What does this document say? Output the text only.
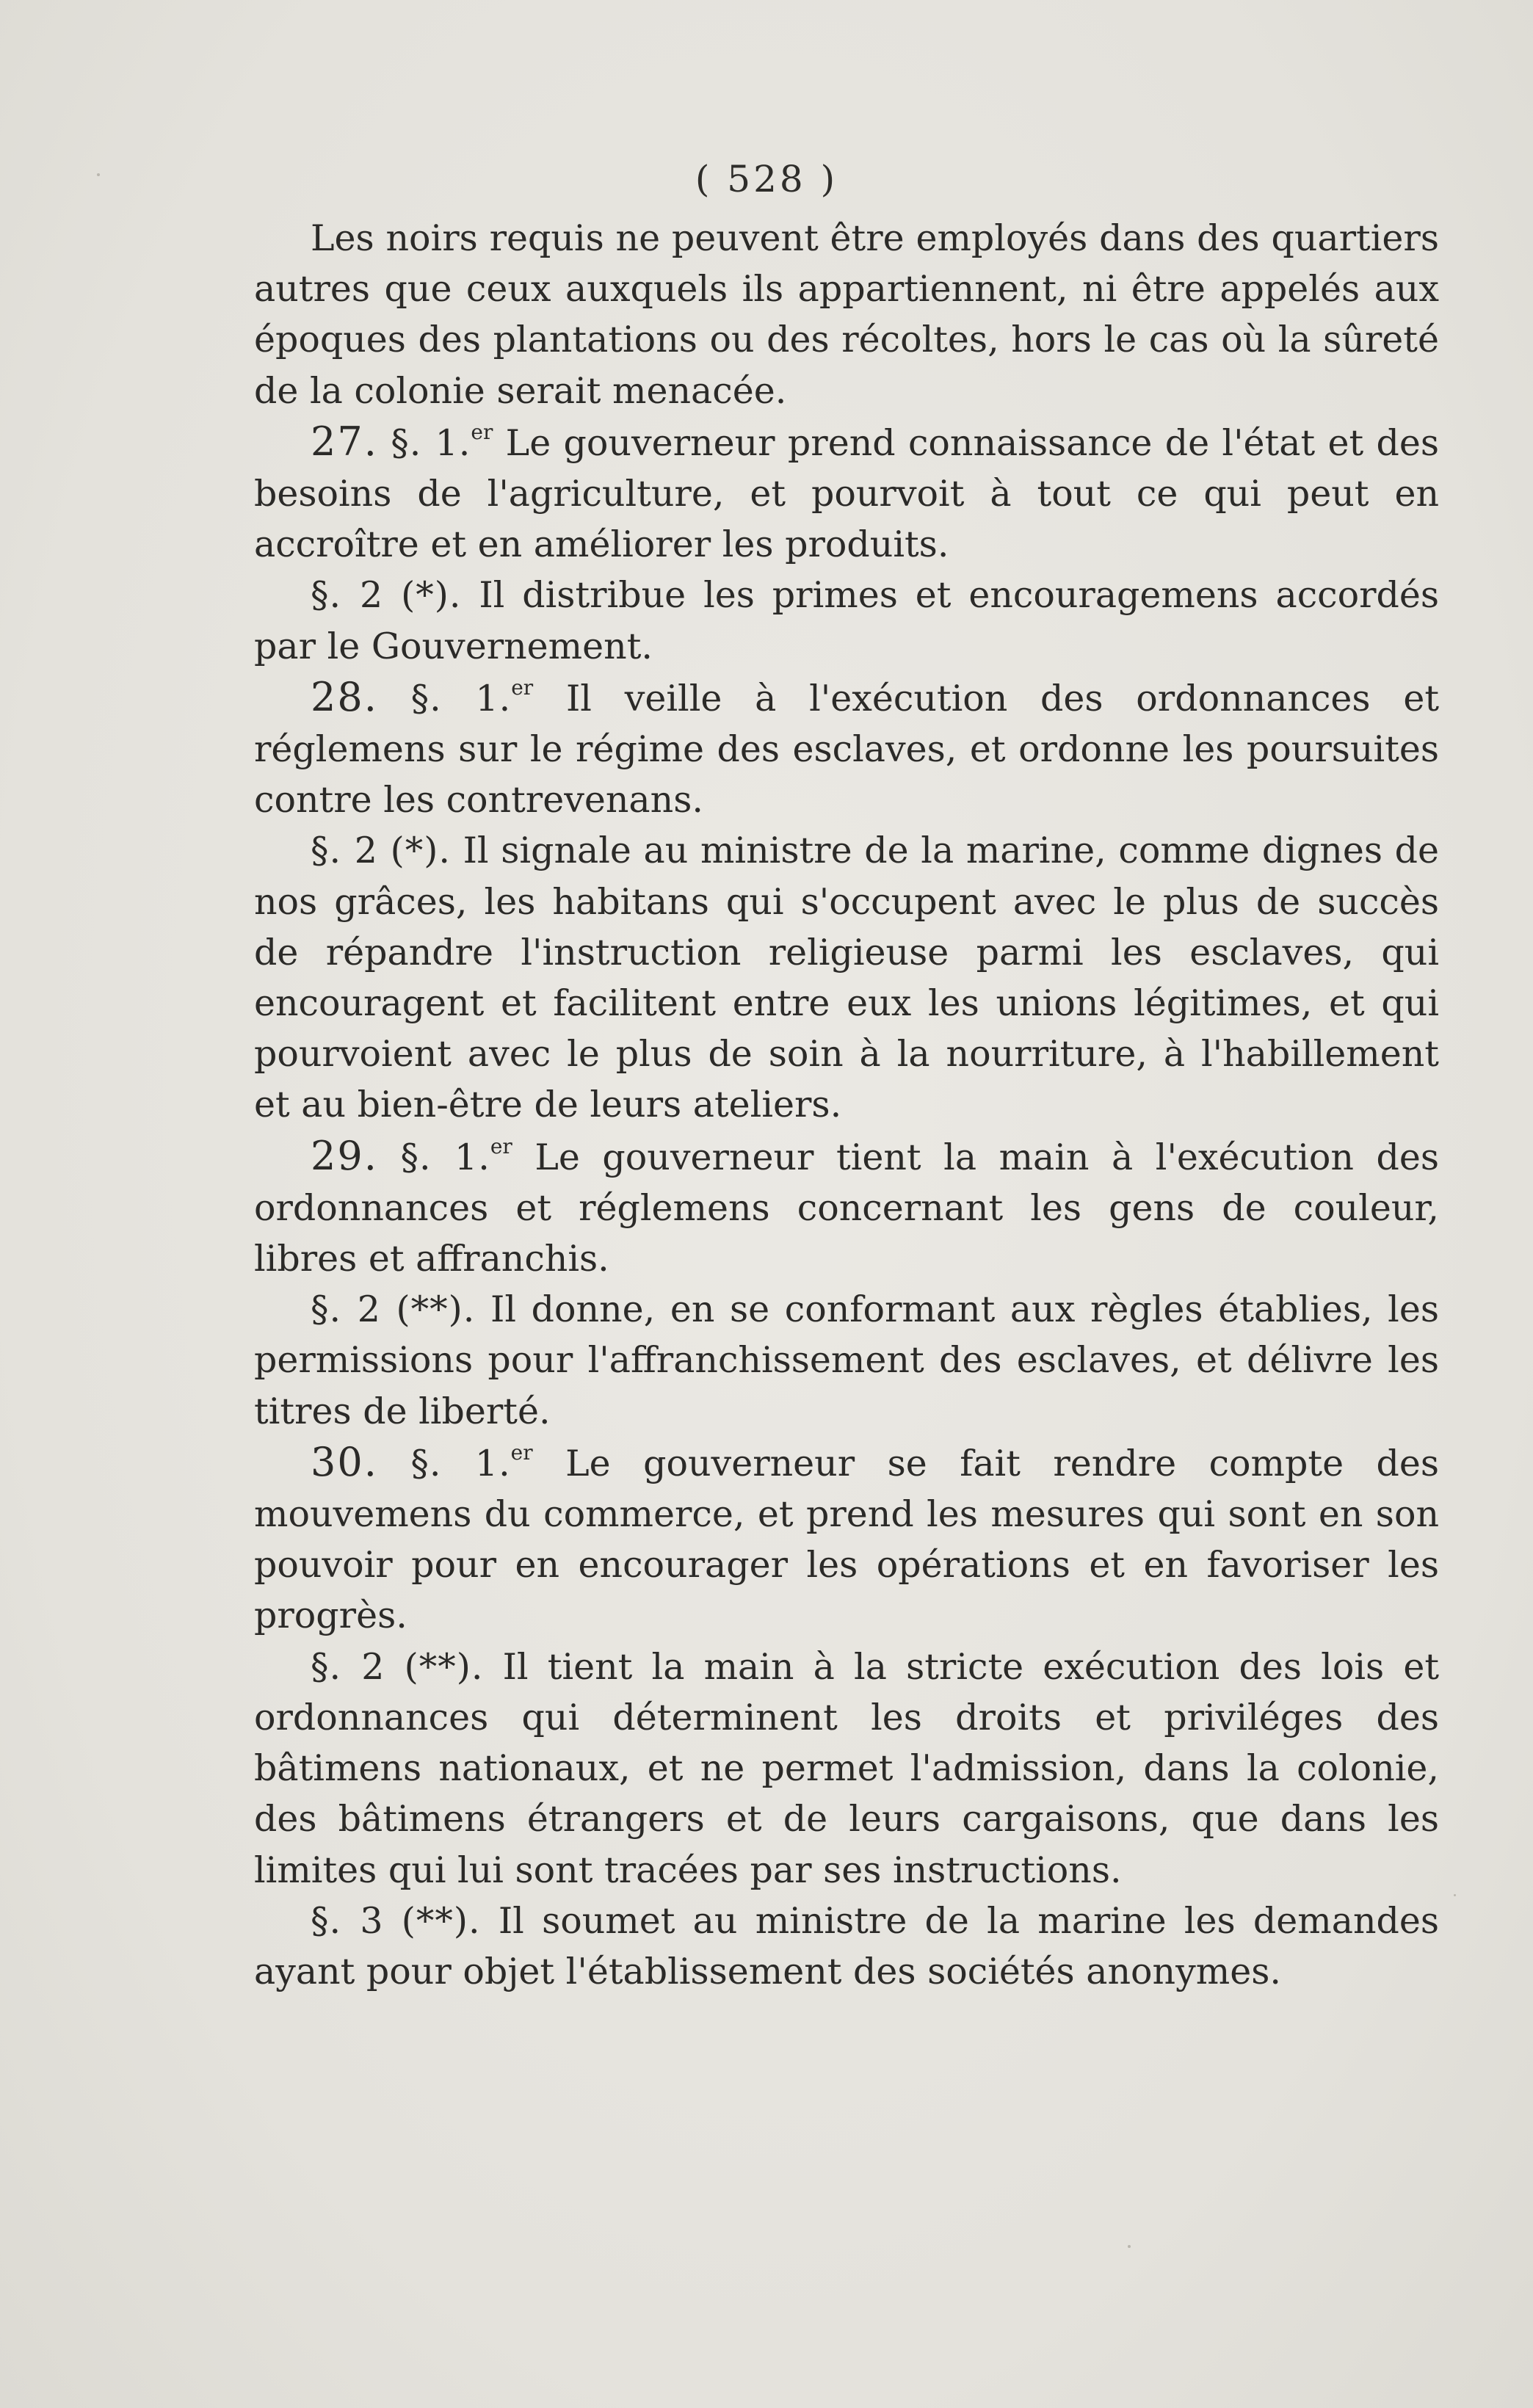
( 528 )

Les noirs requis ne peuvent être employés dans des quartiers autres que ceux auxquels ils appartiennent, ni être appelés aux époques des plantations ou des récoltes, hors le cas où la sûreté de la colonie serait menacée.

27. §. 1.$^{er}$ Le gouverneur prend connaissance de l'état et des besoins de l'agriculture, et pourvoit à tout ce qui peut en accroître et en améliorer les produits.

§. 2 (*). Il distribue les primes et encouragemens accordés par le Gouvernement.

28. §. 1.$^{er}$ Il veille à l'exécution des ordonnances et réglemens sur le régime des esclaves, et ordonne les poursuites contre les contrevenans.

§. 2 (*). Il signale au ministre de la marine, comme dignes de nos grâces, les habitans qui s'occupent avec le plus de succès de répandre l'instruction religieuse parmi les esclaves, qui encouragent et facilitent entre eux les unions légitimes, et qui pourvoient avec le plus de soin à la nourriture, à l'habillement et au bien-être de leurs ateliers.

29. §. 1.$^{er}$ Le gouverneur tient la main à l'exécution des ordonnances et réglemens concernant les gens de couleur, libres et affranchis.

§. 2 (**). Il donne, en se conformant aux règles établies, les permissions pour l'affranchissement des esclaves, et délivre les titres de liberté.

30. §. 1.$^{er}$ Le gouverneur se fait rendre compte des mouvemens du commerce, et prend les mesures qui sont en son pouvoir pour en encourager les opérations et en favoriser les progrès.

§. 2 (**). Il tient la main à la stricte exécution des lois et ordonnances qui déterminent les droits et priviléges des bâtimens nationaux, et ne permet l'admission, dans la colonie, des bâtimens étrangers et de leurs cargaisons, que dans les limites qui lui sont tracées par ses instructions.

§. 3 (**). Il soumet au ministre de la marine les demandes ayant pour objet l'établissement des sociétés anonymes.
